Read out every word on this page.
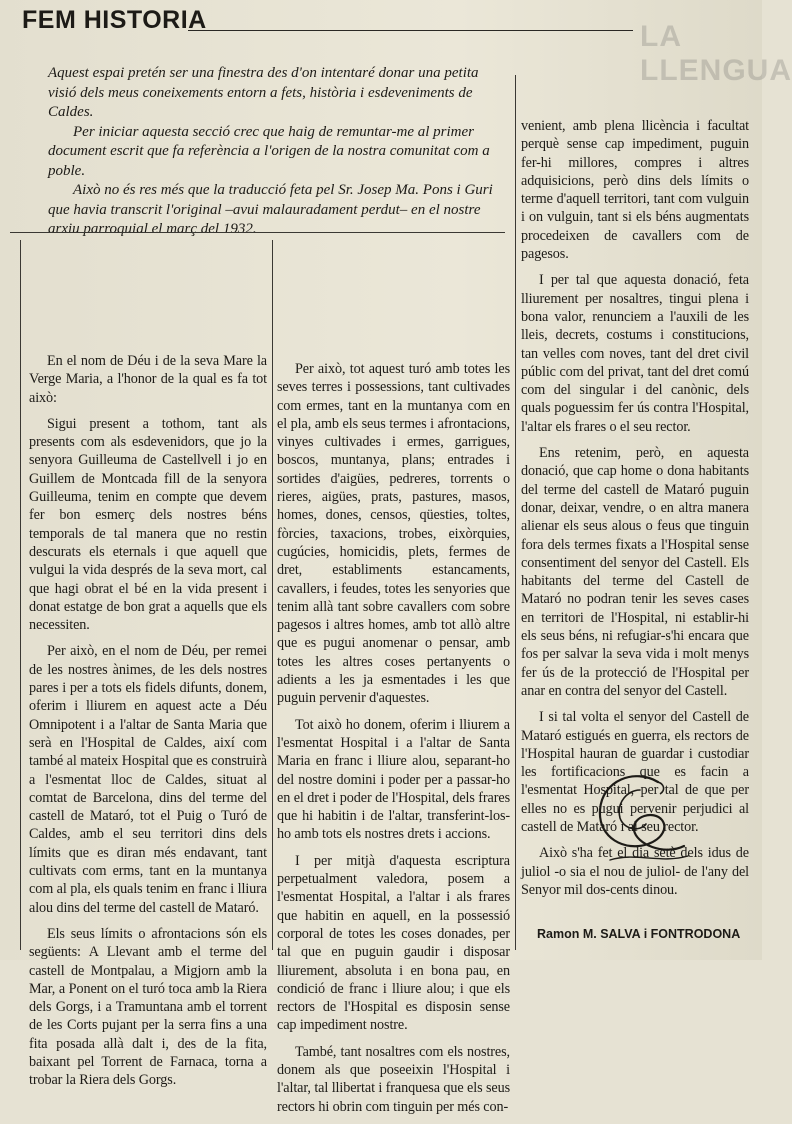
LA LLENGUA
FEM HISTORIA

Aquest espai pretén ser una finestra des d'on intentaré donar una petita visió dels meus coneixements entorn a fets, història i esdeveniments de Caldes.

Per iniciar aquesta secció crec que haig de remuntar-me al primer document escrit que fa referència a l'origen de la nostra comunitat com a poble.

Això no és res més que la traducció feta pel Sr. Josep Ma. Pons i Guri que havia transcrit l'original –avui malauradament perdut– en el nostre arxiu parroquial el març del 1932.

En el nom de Déu i de la seva Mare la Verge Maria, a l'honor de la qual es fa tot això:

Sigui present a tothom, tant als presents com als esdevenidors, que jo la senyora Guilleuma de Castellvell i jo en Guillem de Montcada fill de la senyora Guilleuma, tenim en compte que devem fer bon esmerç dels nostres béns temporals de tal manera que no restin descurats els eternals i que aquell que vulgui la vida després de la seva mort, cal que hagi obrat el bé en la vida present i donat estatge de bon grat a aquells que els necessiten.

Per això, en el nom de Déu, per remei de les nostres ànimes, de les dels nostres pares i per a tots els fidels difunts, donem, oferim i lliurem en aquest acte a Déu Omnipotent i a l'altar de Santa Maria que serà en l'Hospital de Caldes, així com també al mateix Hospital que es construirà a l'esmentat lloc de Caldes, situat al comtat de Barcelona, dins del terme del castell de Mataró, tot el Puig o Turó de Caldes, amb el seu territori dins dels límits que es diran més endavant, tant cultivats com erms, tant en la muntanya com al pla, els quals tenim en franc i lliura alou dins del terme del castell de Mataró.

Els seus límits o afrontacions són els següents: A Llevant amb el terme del castell de Montpalau, a Migjorn amb la Mar, a Ponent on el turó toca amb la Riera dels Gorgs, i a Tramuntana amb el torrent de les Corts pujant per la serra fins a una fita posada allà dalt i, des de la fita, baixant pel Torrent de Farnaca, torna a trobar la Riera dels Gorgs.

Per això, tot aquest turó amb totes les seves terres i possessions, tant cultivades com ermes, tant en la muntanya com en el pla, amb els seus termes i afrontacions, vinyes cultivades i ermes, garrigues, boscos, muntanya, plans; entrades i sortides d'aigües, pedreres, torrents o rieres, aigües, prats, pastures, masos, homes, dones, censos, qüesties, toltes, fòrcies, taxacions, trobes, eixòrquies, cugúcies, homicidis, plets, fermes de dret, establiments estancaments, cavallers, i feudes, totes les senyories que tenim allà tant sobre cavallers com sobre pagesos i altres homes, amb tot allò altre que es pugui anomenar o pensar, amb totes les altres coses pertanyents o adients a les ja esmentades i les que puguin pervenir d'aquestes.

Tot això ho donem, oferim i lliurem a l'esmentat Hospital i a l'altar de Santa Maria en franc i lliure alou, separant-ho del nostre domini i poder per a passar-ho en el dret i poder de l'Hospital, dels frares que hi habitin i de l'altar, transferint-los-ho amb tots els nostres drets i accions.

I per mitjà d'aquesta escriptura perpetualment valedora, posem a l'esmentat Hospital, a l'altar i als frares que habitin en aquell, en la possessió corporal de totes les coses donades, per tal que en puguin gaudir i disposar lliurement, absoluta i en bona pau, en condició de franc i lliure alou; i que els rectors de l'Hospital es disposin sense cap impediment nostre.

També, tant nosaltres com els nostres, donem als que poseeixin l'Hospital i l'altar, tal llibertat i franquesa que els seus rectors hi obrin com tinguin per més con-

venient, amb plena llicència i facultat perquè sense cap impediment, puguin fer-hi millores, compres i altres adquisicions, però dins dels límits o terme d'aquell territori, tant com vulguin i on vulguin, tant si els béns augmentats procedeixen de cavallers com de pagesos.

I per tal que aquesta donació, feta lliurement per nosaltres, tingui plena i bona valor, renunciem a l'auxili de les lleis, decrets, costums i constitucions, tan velles com noves, tant del dret civil públic com del privat, tant del dret comú com del singular i del canònic, dels quals poguessim fer ús contra l'Hospital, l'altar els frares o el seu rector.

Ens retenim, però, en aquesta donació, que cap home o dona habitants del terme del castell de Mataró puguin donar, deixar, vendre, o en altra manera alienar els seus alous o feus que tinguin fora dels termes fixats a l'Hospital sense consentiment del senyor del Castell. Els habitants del terme del Castell de Mataró no podran tenir les seves cases en territori de l'Hospital, ni establir-hi els seus béns, ni refugiar-s'hi encara que fos per salvar la seva vida i molt menys fer ús de la protecció de l'Hospital per anar en contra del senyor del Castell.

I si tal volta el senyor del Castell de Mataró estigués en guerra, els rectors de l'Hospital hauran de guardar i custodiar les fortificacions que es facin a l'esmentat Hospital, per tal de que per elles no es pugui pervenir perjudici al castell de Mataró i al seu rector.

Això s'ha fet el dia setè dels idus de juliol -o sia el nou de juliol- de l'any del Senyor mil dos-cents dinou.

Ramon M. SALVA i FONTRODONA
